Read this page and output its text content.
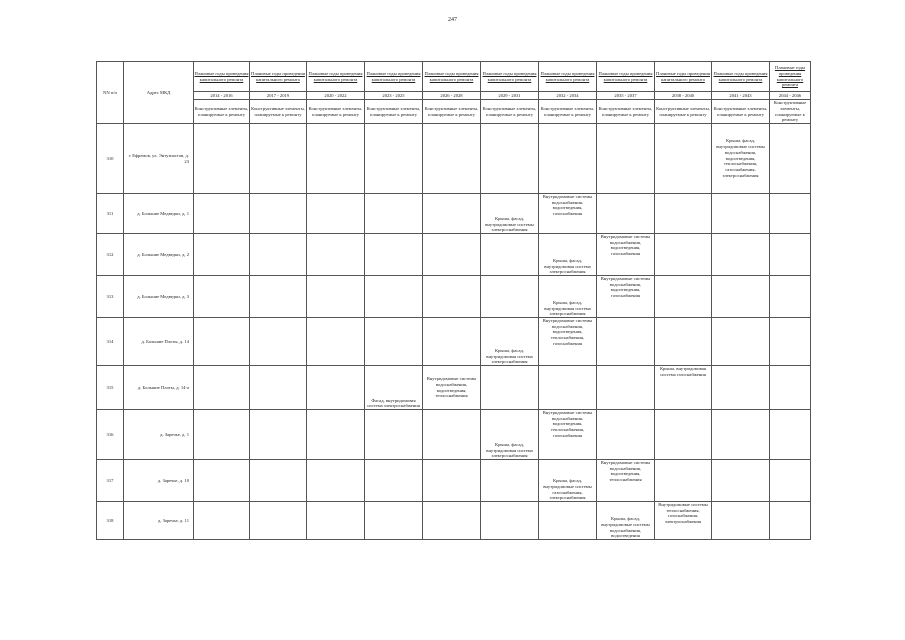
247
NN п/п	Адрес МКД	Плановые годы проведения капитального ремонта	Плановые годы проведения капитального ремонта	Плановые годы проведения капитального ремонта	Плановые годы проведения капитального ремонта	Плановые годы проведения капитального ремонта	Плановые годы проведения капитального ремонта	Плановые годы проведения капитального ремонта	Плановые годы проведения капитального ремонта	Плановые годы проведения капитального ремонта	Плановые годы проведения капитального ремонта	Плановые годы проведения капитального ремонта
		2014 - 2016	2017 - 2019	2020 - 2022	2023 - 2025	2026 - 2028	2029 - 2031	2032 - 2034	2035 - 2037	2038 - 2040	2041 - 2043	2044 - 2046
		Конструктивные элементы, планируемые к ремонту	Конструктивные элементы, планируемые к ремонту	Конструктивные элементы, планируемые к ремонту	Конструктивные элементы, планируемые к ремонту	Конструктивные элементы, планируемые к ремонту	Конструктивные элементы, планируемые к ремонту	Конструктивные элементы, планируемые к ремонту	Конструктивные элементы, планируемые к ремонту	Конструктивные элементы, планируемые к ремонту	Конструктивные элементы, планируемые к ремонту	Конструктивные элементы, планируемые к ремонту
310	г. Ефремов, ул. Энтузиастов, д. 23										Крыша, фасад, внутридомовые системы водоснабжения, водоотведения, теплоснабжения, газоснабжения, электроснабжения	
311	д. Большие Медведки, д. 1						Крыша, фасад, внутридомовые системы электроснабжения	Внутридомовые системы водоснабжения, водоотведения, газоснабжения				
312	д. Большие Медведки, д. 2							Крыша, фасад, внутридомовая система электроснабжения	Внутридомовые системы водоснабжения, водоотведения, газоснабжения			
313	д. Большие Медведки, д. 3							Крыша, фасад, внутридомовая система электроснабжения	Внутридомовые системы водоснабжения, водоотведения, газоснабжения			
314	д. Большие Плоты, д. 14						Крыша, фасад, внутридомовая система электроснабжения	Внутридомовые системы водоснабжения, водоотведения, теплоснабжения, газоснабжения				
315	д. Большие Плоты, д. 14-а				Фасад, внутридомовая система электроснабжения	Внутридомовые системы водоснабжения, водоотведения, теплоснабжения				Крыша, внутридомовая система газоснабжения		
316	д. Заречье, д. 1						Крыша, фасад, внутридомовая система электроснабжения	Внутридомовые системы водоснабжения, водоотведения, теплоснабжения, газоснабжения				
317	д. Заречье, д. 10							Крыша, фасад, внутридомовые системы газоснабжения, электроснабжения	Внутридомовые системы водоснабжения, водоотведения, теплоснабжения			
318	д. Заречье, д. 11								Крыша, фасад, внутридомовые системы водоснабжения, водоотведения	Внутридомовые системы теплоснабжения, газоснабжения, электроснабжения		
